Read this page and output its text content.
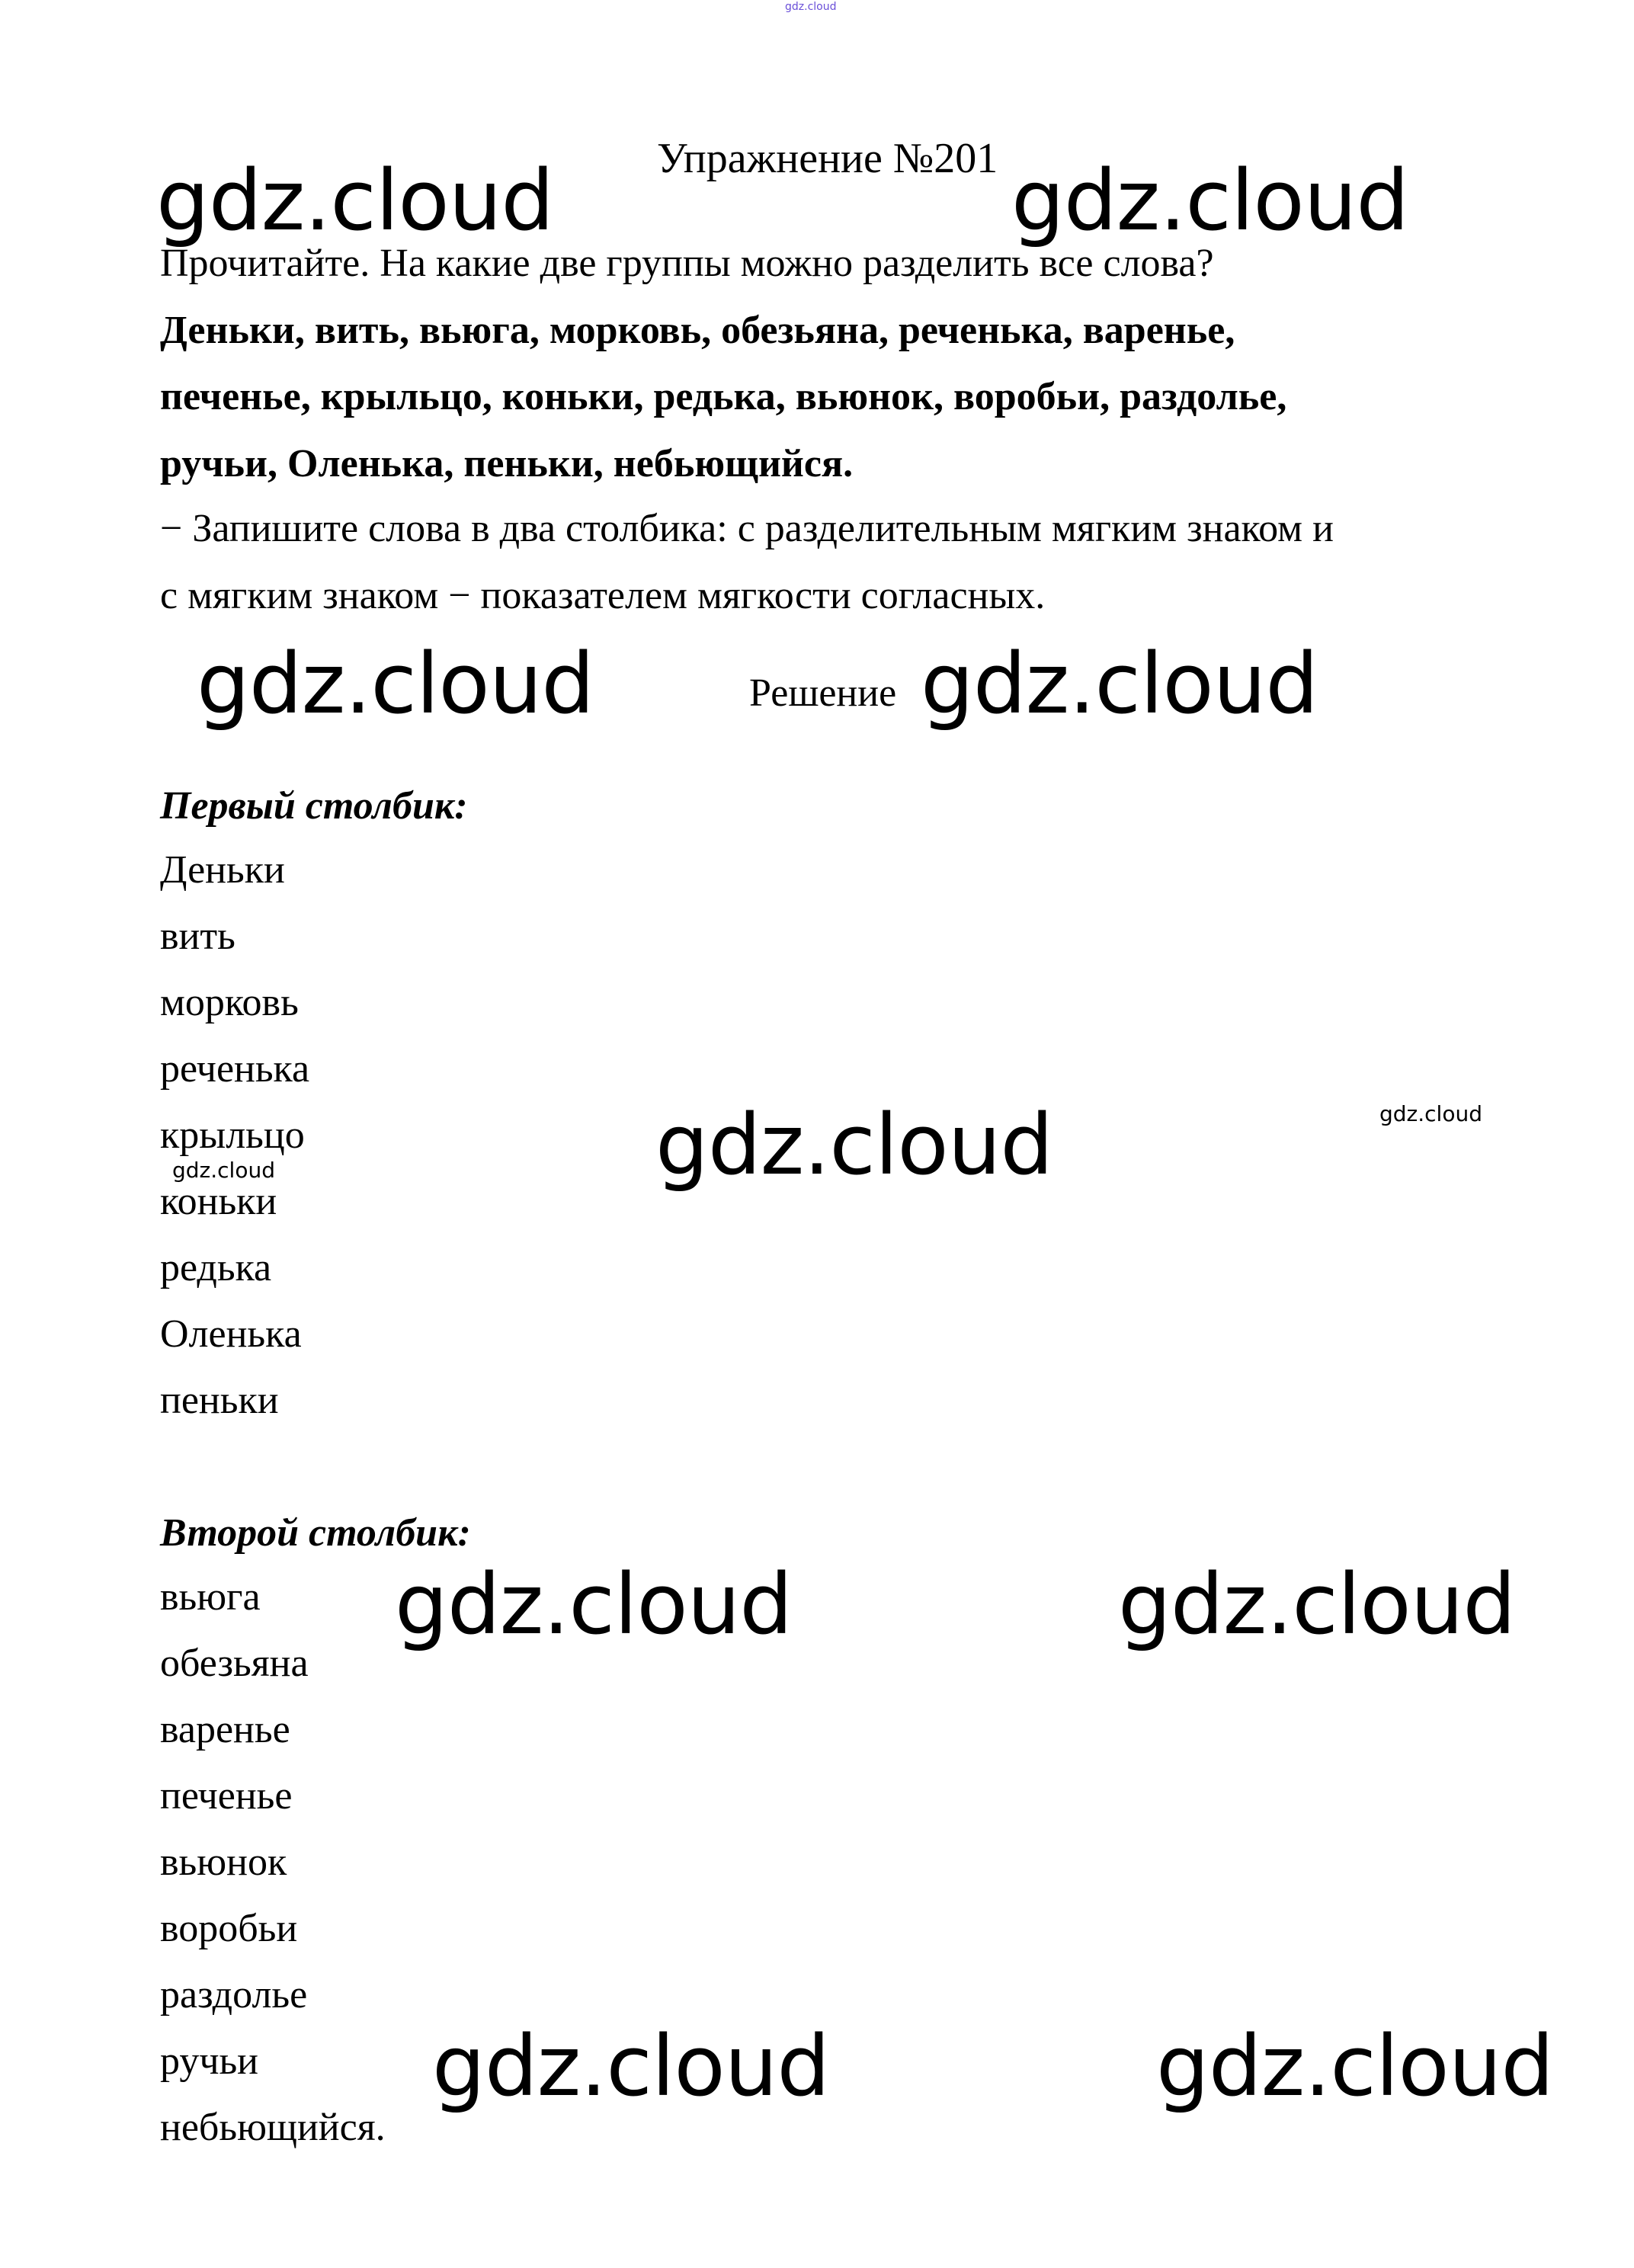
gdz.cloud
Упражнение №201
gdz.cloud	gdz.cloud
Прочитайте. На какие две группы можно разделить все слова?
Деньки, вить, вьюга, морковь, обезьяна, реченька, варенье,
печенье, крыльцо, коньки, редька, вьюнок, воробьи, раздолье,
ручьи, Оленька, пеньки, небьющийся.
− Запишите слова в два столбика: с разделительным мягким знаком и
с мягким знаком − показателем мягкости согласных.
gdz.cloud	Решение gdz.cloud
Первый столбик:
Деньки
вить
морковь
реченька
крыльцо
коньки
редька
Оленька
пеньки
gdz.cloud	gdz.cloud
gdz.cloud
Второй столбик:
вьюга
обезьяна
варенье
печенье
вьюнок
воробьи
раздолье
ручьи
небьющийся.
gdz.cloud	gdz.cloud
gdz.cloud	gdz.cloud
